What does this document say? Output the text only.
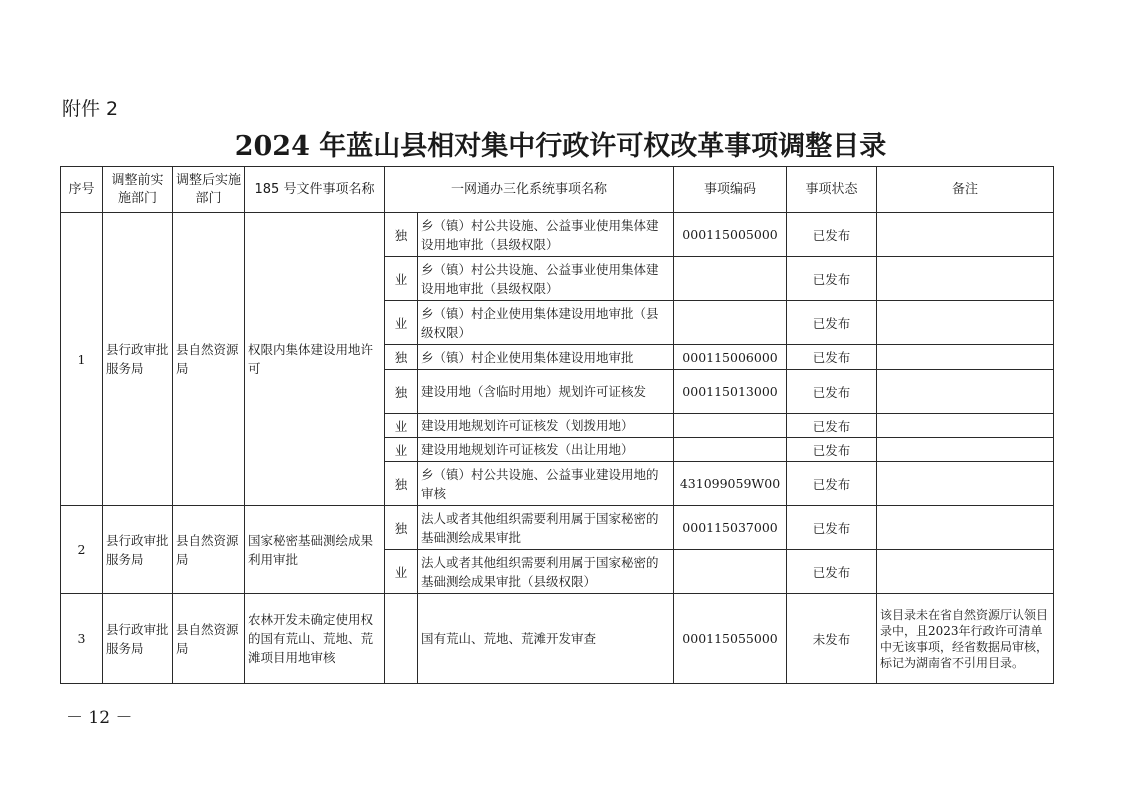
附件 2
2024 年蓝山县相对集中行政许可权改革事项调整目录
序号	调整前实施部门	调整后实施部门	185 号文件事项名称	一网通办三化系统事项名称		事项编码	事项状态	备注
1	县行政审批服务局	县自然资源局	权限内集体建设用地许可	独	乡（镇）村公共设施、公益事业使用集体建设用地审批（县级权限）	000115005000	已发布	
				业	乡（镇）村公共设施、公益事业使用集体建设用地审批（县级权限）		已发布	
				业	乡（镇）村企业使用集体建设用地审批（县级权限）		已发布	
				独	乡（镇）村企业使用集体建设用地审批	000115006000	已发布	
				独	建设用地（含临时用地）规划许可证核发	000115013000	已发布	
				业	建设用地规划许可证核发（划拨用地）		已发布	
				业	建设用地规划许可证核发（出让用地）		已发布	
				独	乡（镇）村公共设施、公益事业建设用地的审核	431099059W00	已发布	
2	县行政审批服务局	县自然资源局	国家秘密基础测绘成果利用审批	独	法人或者其他组织需要利用属于国家秘密的基础测绘成果审批	000115037000	已发布	
				业	法人或者其他组织需要利用属于国家秘密的基础测绘成果审批（县级权限）		已发布	
3	县行政审批服务局	县自然资源局	农林开发未确定使用权的国有荒山、荒地、荒滩项目用地审核		国有荒山、荒地、荒滩开发审查	000115055000	未发布	该目录未在省自然资源厅认领目录中，且2023年行政许可清单中无该事项，经省数据局审核，标记为湖南省不引用目录。
－ 12 －
